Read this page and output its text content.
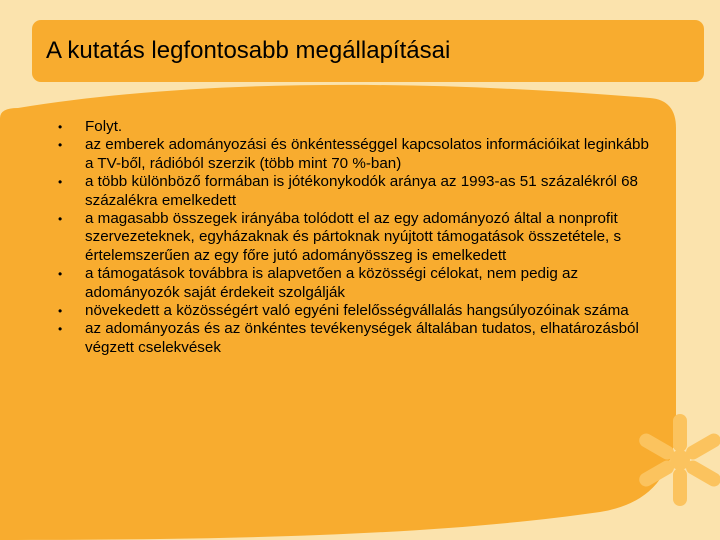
A kutatás legfontosabb megállapításai
• Folyt.
• az emberek adományozási és önkéntességgel kapcsolatos információikat leginkább a TV-ből, rádióból szerzik (több mint 70 %-ban)
• a több különböző formában is jótékonykodók aránya az 1993-as 51 százalékról 68 százalékra emelkedett
• a magasabb összegek irányába tolódott el az egy adományozó által a nonprofit szervezeteknek, egyházaknak és pártoknak nyújtott támogatások összetétele, s értelemszerűen az egy főre jutó adományösszeg is emelkedett
• a támogatások továbbra is alapvetően a közösségi célokat, nem pedig az adományozók saját érdekeit szolgálják
• növekedett a közösségért való egyéni felelősségvállalás hangsúlyozóinak száma
• az adományozás és az önkéntes tevékenységek általában tudatos, elhatározásból végzett cselekvések
